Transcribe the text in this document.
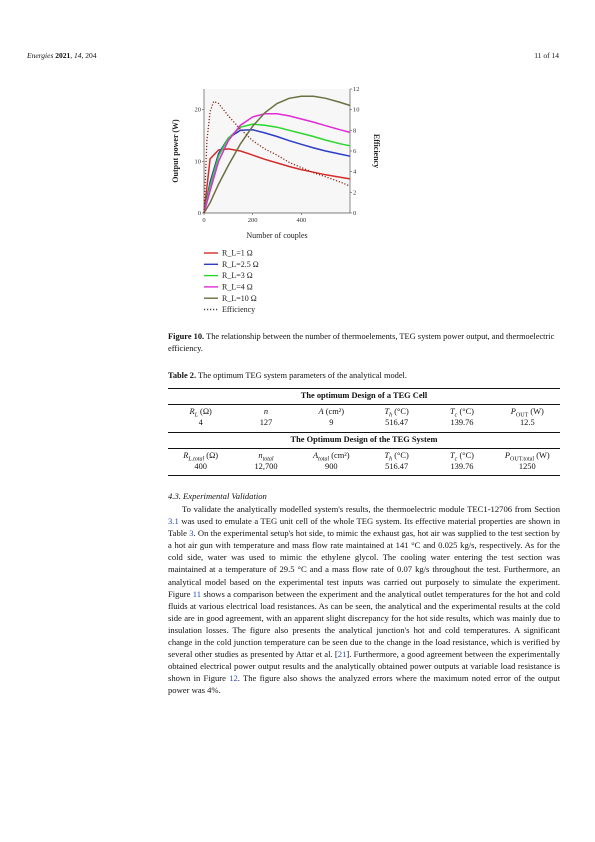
Energies 2021, 14, 204	11 of 14
0	200	400
0
10
20
0
2
4
6
8
10
12
Number of couples
Output power (W)	Efficiency
R_L=1 Ω
R_L=2.5 Ω
R_L=3 Ω
R_L=4 Ω
R_L=10 Ω
Efficiency
Figure 10. The relationship between the number of thermoelements, TEG system power output, and thermoelectric efficiency.
Table 2. The optimum TEG system parameters of the analytical model.
The optimum Design of a TEG Cell
$R_L$ (Ω)	n	A (cm²)	$T_h$ (°C)	$T_c$ (°C)	$P_{OUT}$ (W)
4	127	9	516.47	139.76	12.5
The Optimum Design of the TEG System
$R_{L.total}$ (Ω)	$n_{total}$	$A_{total}$ (cm²)	$T_h$ (°C)	$T_c$ (°C)	$P_{OUT.total}$ (W)
400	12,700	900	516.47	139.76	1250
4.3. Experimental Validation
To validate the analytically modelled system's results, the thermoelectric module TEC1-12706 from Section 3.1 was used to emulate a TEG unit cell of the whole TEG system. Its effective material properties are shown in Table 3. On the experimental setup's hot side, to mimic the exhaust gas, hot air was supplied to the test section by a hot air gun with temperature and mass flow rate maintained at 141 °C and 0.025 kg/s, respectively. As for the cold side, water was used to mimic the ethylene glycol. The cooling water entering the test section was maintained at a temperature of 29.5 °C and a mass flow rate of 0.07 kg/s throughout the test. Furthermore, an analytical model based on the experimental test inputs was carried out purposely to simulate the experiment. Figure 11 shows a comparison between the experiment and the analytical outlet temperatures for the hot and cold fluids at various electrical load resistances. As can be seen, the analytical and the experimental results at the cold side are in good agreement, with an apparent slight discrepancy for the hot side results, which was mainly due to insulation losses. The figure also presents the analytical junction's hot and cold temperatures. A significant change in the cold junction temperature can be seen due to the change in the load resistance, which is verified by several other studies as presented by Attar et al. [21]. Furthermore, a good agreement between the experimentally obtained electrical power output results and the analytically obtained power outputs at variable load resistance is shown in Figure 12. The figure also shows the analyzed errors where the maximum noted error of the output power was 4%.
